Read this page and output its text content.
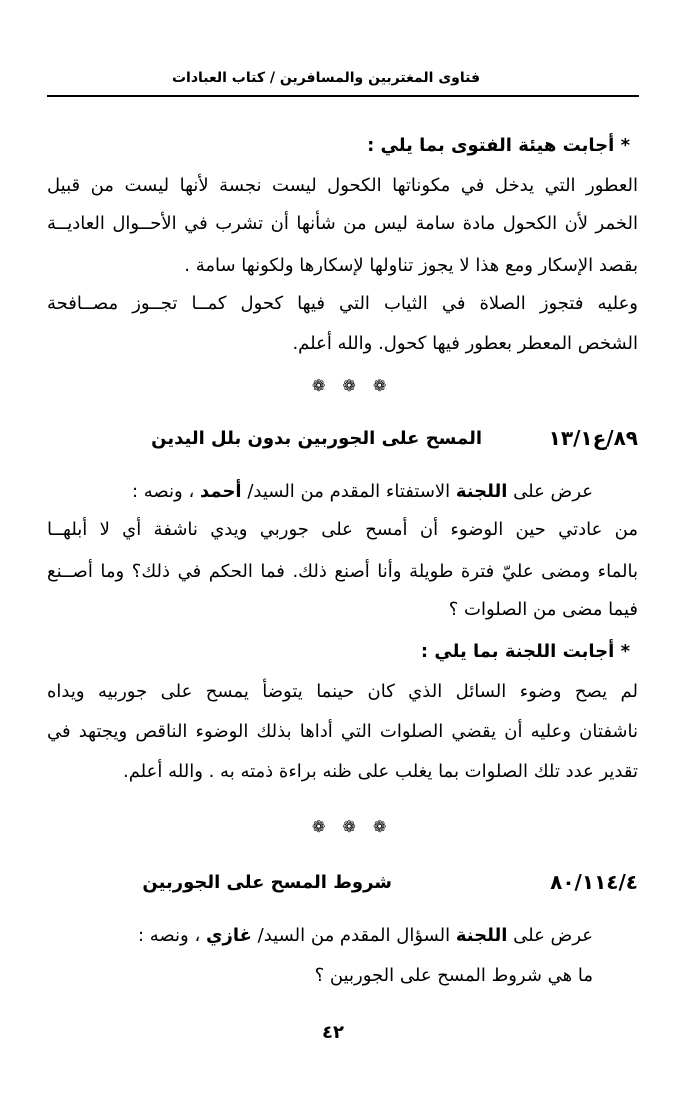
فتاوى المغتربين والمسافرين / كتاب العبادات
* أجابت هيئة الفتوى بما يلي :
العطور التي يدخل في مكوناتها الكحول ليست نجسة لأنها ليست من قبيل
الخمر لأن الكحول مادة سامة ليس من شأنها أن تشرب في الأحــوال العاديــة
بقصد الإسكار ومع هذا لا يجوز تناولها لإسكارها ولكونها سامة .
وعليه فتجوز الصلاة في الثياب التي فيها كحول كمــا تجــوز مصــافحة
الشخص المعطر بعطور فيها كحول. والله أعلم.
❁ ❁ ❁
٨٩/ع١٣/١
المسح على الجوربين بدون بلل اليدين
عرض على اللجنة الاستفتاء المقدم من السيد/ أحمد ، ونصه :
من عادتي حين الوضوء أن أمسح على جوربي ويدي ناشفة أي لا أبلهــا
بالماء ومضى عليّ فترة طويلة وأنا أصنع ذلك. فما الحكم في ذلك؟ وما أصــنع
فيما مضى من الصلوات ؟
* أجابت اللجنة بما يلي :
لم يصح وضوء السائل الذي كان حينما يتوضأ يمسح على جوربيه ويداه
ناشفتان وعليه أن يقضي الصلوات التي أداها بذلك الوضوء الناقص ويجتهد في
تقدير عدد تلك الصلوات بما يغلب على ظنه براءة ذمته به . والله أعلم.
❁ ❁ ❁
٨٠/١١٤/٤
شروط المسح على الجوربين
عرض على اللجنة السؤال المقدم من السيد/ غازي ، ونصه :
ما هي شروط المسح على الجوربين ؟
٤٢
